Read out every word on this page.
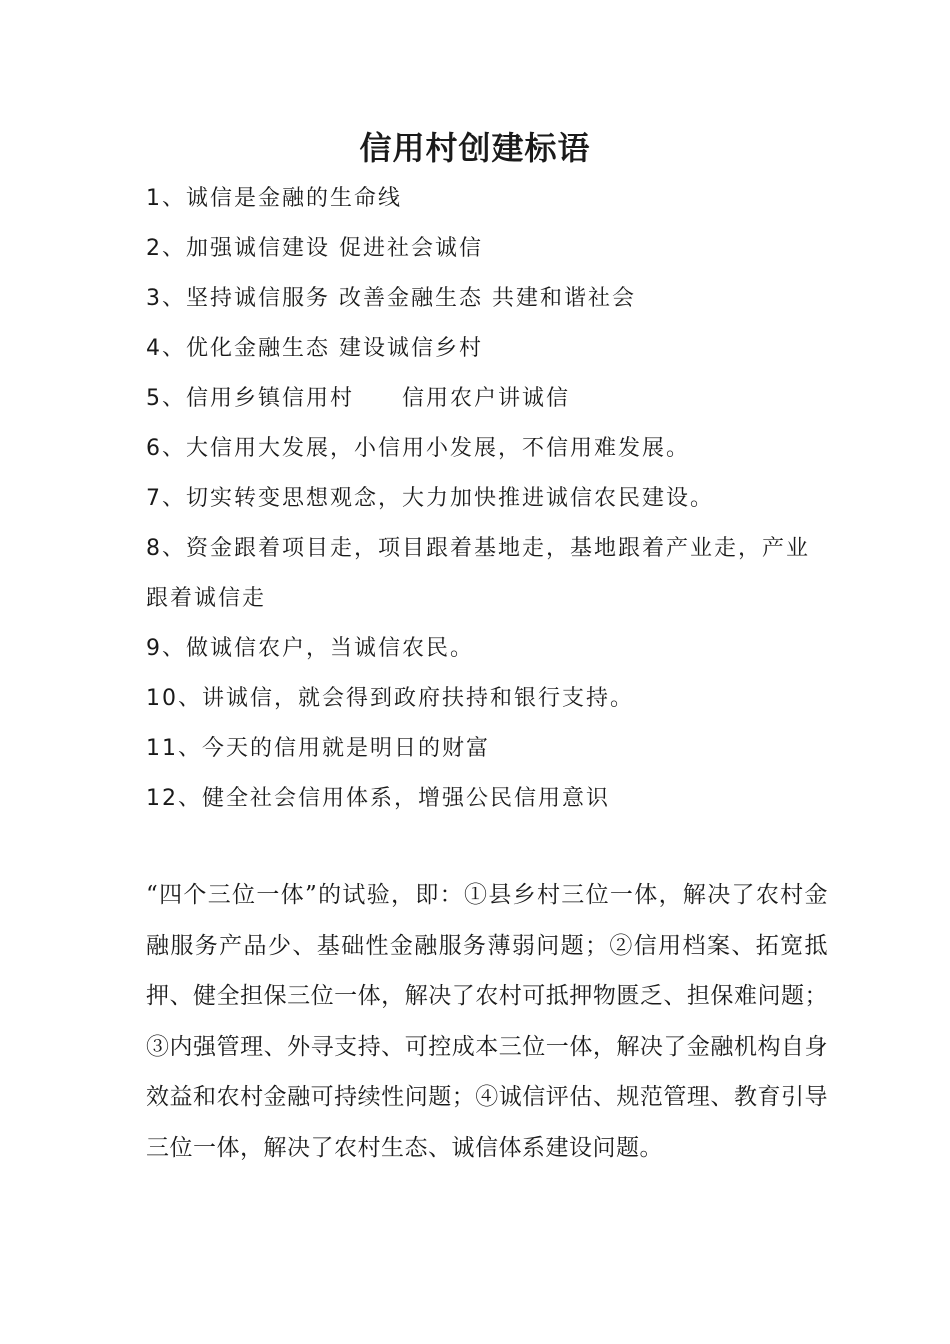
信用村创建标语
1、诚信是金融的生命线
2、加强诚信建设 促进社会诚信
3、坚持诚信服务 改善金融生态 共建和谐社会
4、优化金融生态 建设诚信乡村
5、信用乡镇信用村　　信用农户讲诚信
6、大信用大发展，小信用小发展，不信用难发展。
7、切实转变思想观念，大力加快推进诚信农民建设。
8、资金跟着项目走，项目跟着基地走，基地跟着产业走，产业跟着诚信走
9、做诚信农户，当诚信农民。
10、讲诚信，就会得到政府扶持和银行支持。
11、今天的信用就是明日的财富
12、健全社会信用体系，增强公民信用意识

“四个三位一体”的试验，即：①县乡村三位一体，解决了农村金融服务产品少、基础性金融服务薄弱问题；②信用档案、拓宽抵押、健全担保三位一体，解决了农村可抵押物匮乏、担保难问题；③内强管理、外寻支持、可控成本三位一体，解决了金融机构自身效益和农村金融可持续性问题；④诚信评估、规范管理、教育引导三位一体，解决了农村生态、诚信体系建设问题。
